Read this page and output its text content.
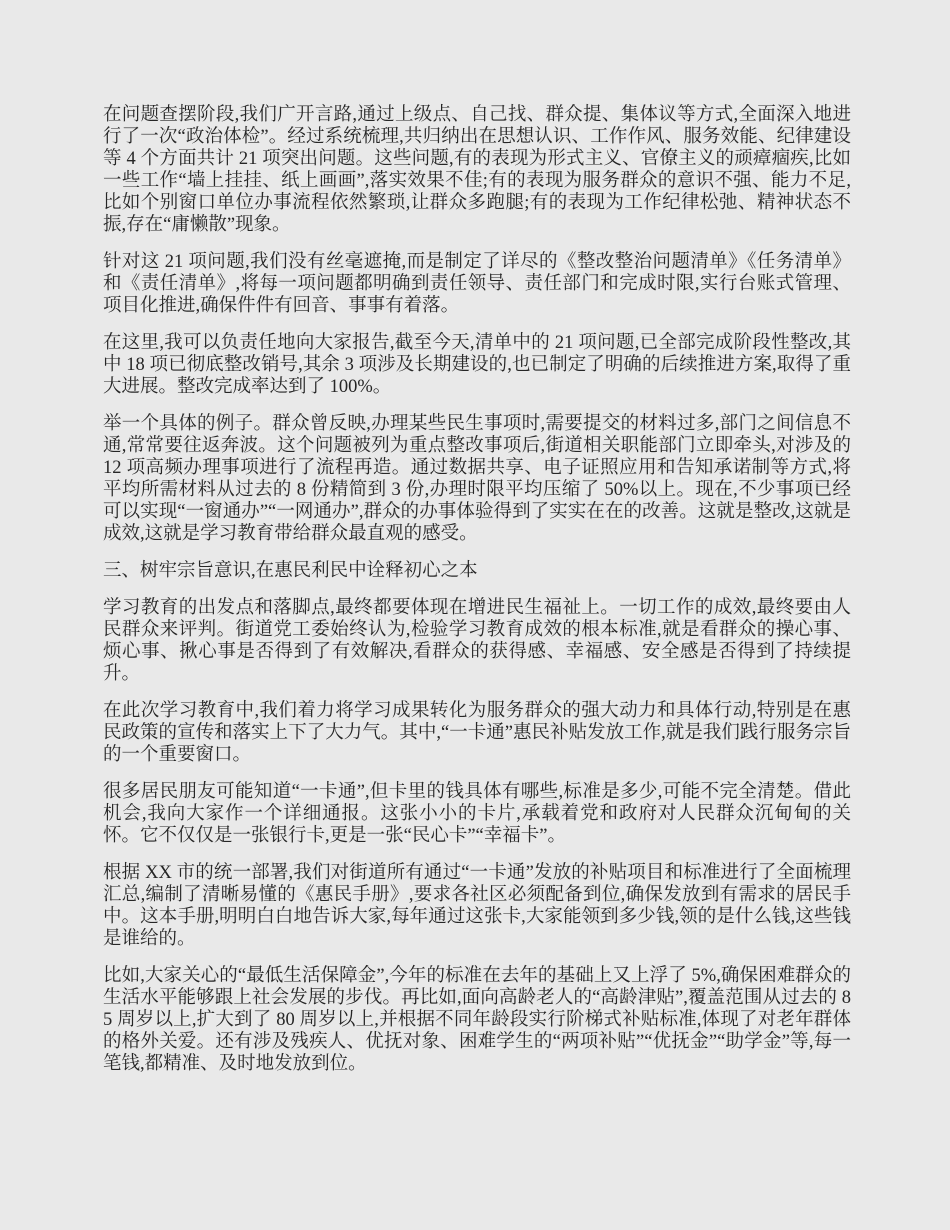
在问题查摆阶段,我们广开言路,通过上级点、自己找、群众提、集体议等方式,全面深入地进行了一次“政治体检”。经过系统梳理,共归纳出在思想认识、工作作风、服务效能、纪律建设等 4 个方面共计 21 项突出问题。这些问题,有的表现为形式主义、官僚主义的顽瘴痼疾,比如一些工作“墙上挂挂、纸上画画”,落实效果不佳;有的表现为服务群众的意识不强、能力不足,比如个别窗口单位办事流程依然繁琐,让群众多跑腿;有的表现为工作纪律松弛、精神状态不振,存在“庸懒散”现象。

针对这 21 项问题,我们没有丝毫遮掩,而是制定了详尽的《整改整治问题清单》《任务清单》和《责任清单》,将每一项问题都明确到责任领导、责任部门和完成时限,实行台账式管理、项目化推进,确保件件有回音、事事有着落。

在这里,我可以负责任地向大家报告,截至今天,清单中的 21 项问题,已全部完成阶段性整改,其中 18 项已彻底整改销号,其余 3 项涉及长期建设的,也已制定了明确的后续推进方案,取得了重大进展。整改完成率达到了 100%。

举一个具体的例子。群众曾反映,办理某些民生事项时,需要提交的材料过多,部门之间信息不通,常常要往返奔波。这个问题被列为重点整改事项后,街道相关职能部门立即牵头,对涉及的 12 项高频办理事项进行了流程再造。通过数据共享、电子证照应用和告知承诺制等方式,将平均所需材料从过去的 8 份精简到 3 份,办理时限平均压缩了 50%以上。现在,不少事项已经可以实现“一窗通办”“一网通办”,群众的办事体验得到了实实在在的改善。这就是整改,这就是成效,这就是学习教育带给群众最直观的感受。

三、树牢宗旨意识,在惠民利民中诠释初心之本

学习教育的出发点和落脚点,最终都要体现在增进民生福祉上。一切工作的成效,最终要由人民群众来评判。街道党工委始终认为,检验学习教育成效的根本标准,就是看群众的操心事、烦心事、揪心事是否得到了有效解决,看群众的获得感、幸福感、安全感是否得到了持续提升。

在此次学习教育中,我们着力将学习成果转化为服务群众的强大动力和具体行动,特别是在惠民政策的宣传和落实上下了大力气。其中,“一卡通”惠民补贴发放工作,就是我们践行服务宗旨的一个重要窗口。

很多居民朋友可能知道“一卡通”,但卡里的钱具体有哪些,标准是多少,可能不完全清楚。借此机会,我向大家作一个详细通报。这张小小的卡片,承载着党和政府对人民群众沉甸甸的关怀。它不仅仅是一张银行卡,更是一张“民心卡”“幸福卡”。

根据 XX 市的统一部署,我们对街道所有通过“一卡通”发放的补贴项目和标准进行了全面梳理汇总,编制了清晰易懂的《惠民手册》,要求各社区必须配备到位,确保发放到有需求的居民手中。这本手册,明明白白地告诉大家,每年通过这张卡,大家能领到多少钱,领的是什么钱,这些钱是谁给的。

比如,大家关心的“最低生活保障金”,今年的标准在去年的基础上又上浮了 5%,确保困难群众的生活水平能够跟上社会发展的步伐。再比如,面向高龄老人的“高龄津贴”,覆盖范围从过去的 85 周岁以上,扩大到了 80 周岁以上,并根据不同年龄段实行阶梯式补贴标准,体现了对老年群体的格外关爱。还有涉及残疾人、优抚对象、困难学生的“两项补贴”“优抚金”“助学金”等,每一笔钱,都精准、及时地发放到位。
